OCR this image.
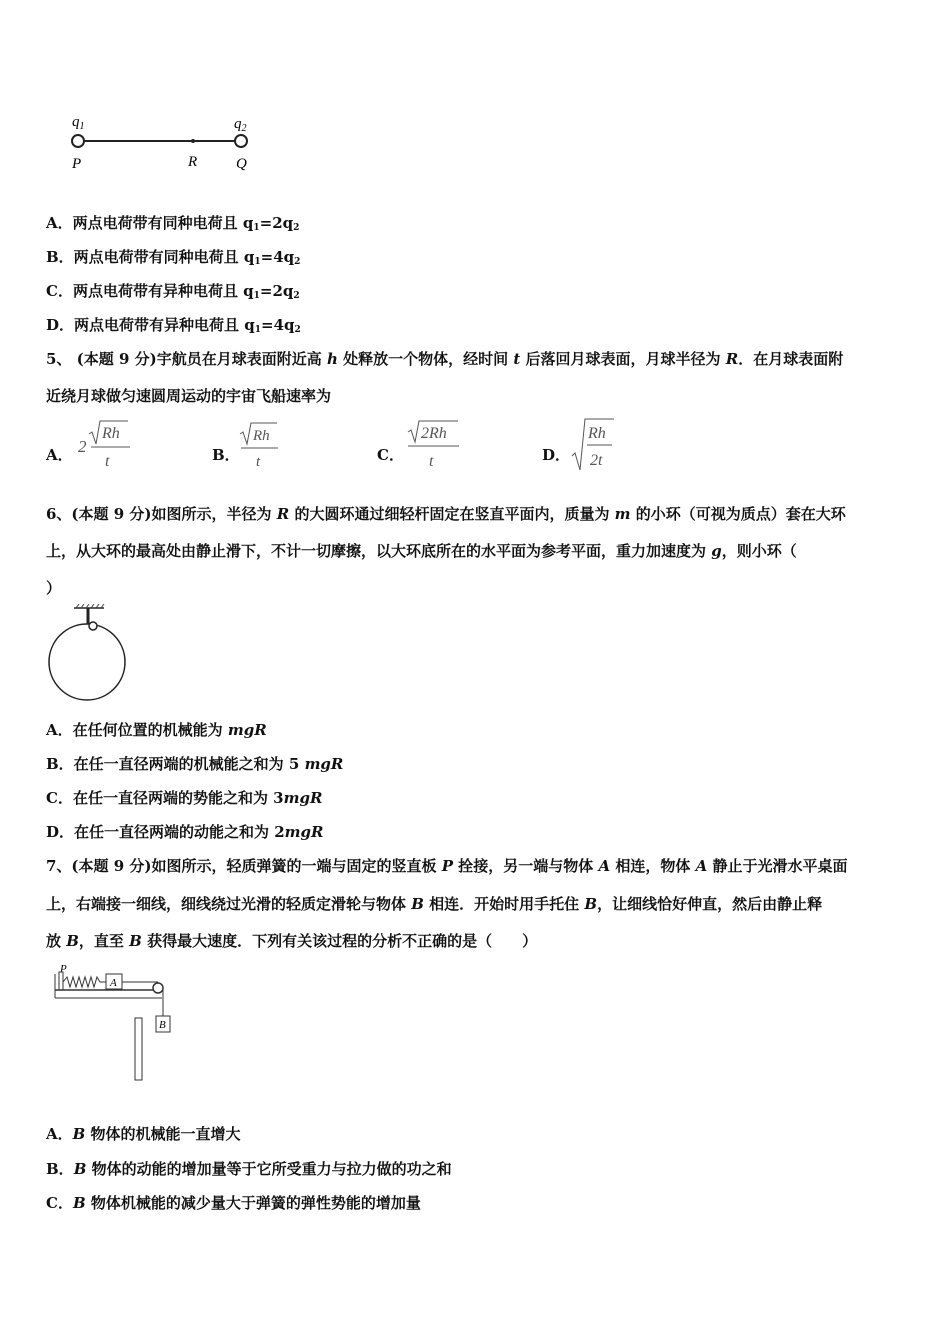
$q_1$	$q_2$
P	R	Q
A．两点电荷带有同种电荷且 $q_1=2q_2$
B．两点电荷带有同种电荷且 $q_1=4q_2$
C．两点电荷带有异种电荷且 $q_1=2q_2$
D．两点电荷带有异种电荷且 $q_1=4q_2$
5、 (本题 9 分)宇航员在月球表面附近高 h 处释放一个物体，经时间 t 后落回月球表面，月球半径为 R．在月球表面附
近绕月球做匀速圆周运动的宇宙飞船速率为
A． 2
Rh
t	B．
Rh
t	C．
2Rh
t	D．
Rh
2t
6、(本题 9 分)如图所示，半径为 R 的大圆环通过细轻杆固定在竖直平面内，质量为 m 的小环（可视为质点）套在大环
上，从大环的最高处由静止滑下，不计一切摩擦，以大环底所在的水平面为参考平面，重力加速度为 g，则小环（
）
A．在任何位置的机械能为 mgR
B．在任一直径两端的机械能之和为 5 mgR
C．在任一直径两端的势能之和为 3mgR
D．在任一直径两端的动能之和为 2mgR
7、(本题 9 分)如图所示，轻质弹簧的一端与固定的竖直板 P 拴接，另一端与物体 A 相连，物体 A 静止于光滑水平桌面
上，右端接一细线，细线绕过光滑的轻质定滑轮与物体 B 相连．开始时用手托住 B，让细线恰好伸直，然后由静止释
放 B，直至 B 获得最大速度．下列有关该过程的分析不正确的是（　　）
P
A
B
A．B 物体的机械能一直增大
B．B 物体的动能的增加量等于它所受重力与拉力做的功之和
C．B 物体机械能的减少量大于弹簧的弹性势能的增加量
